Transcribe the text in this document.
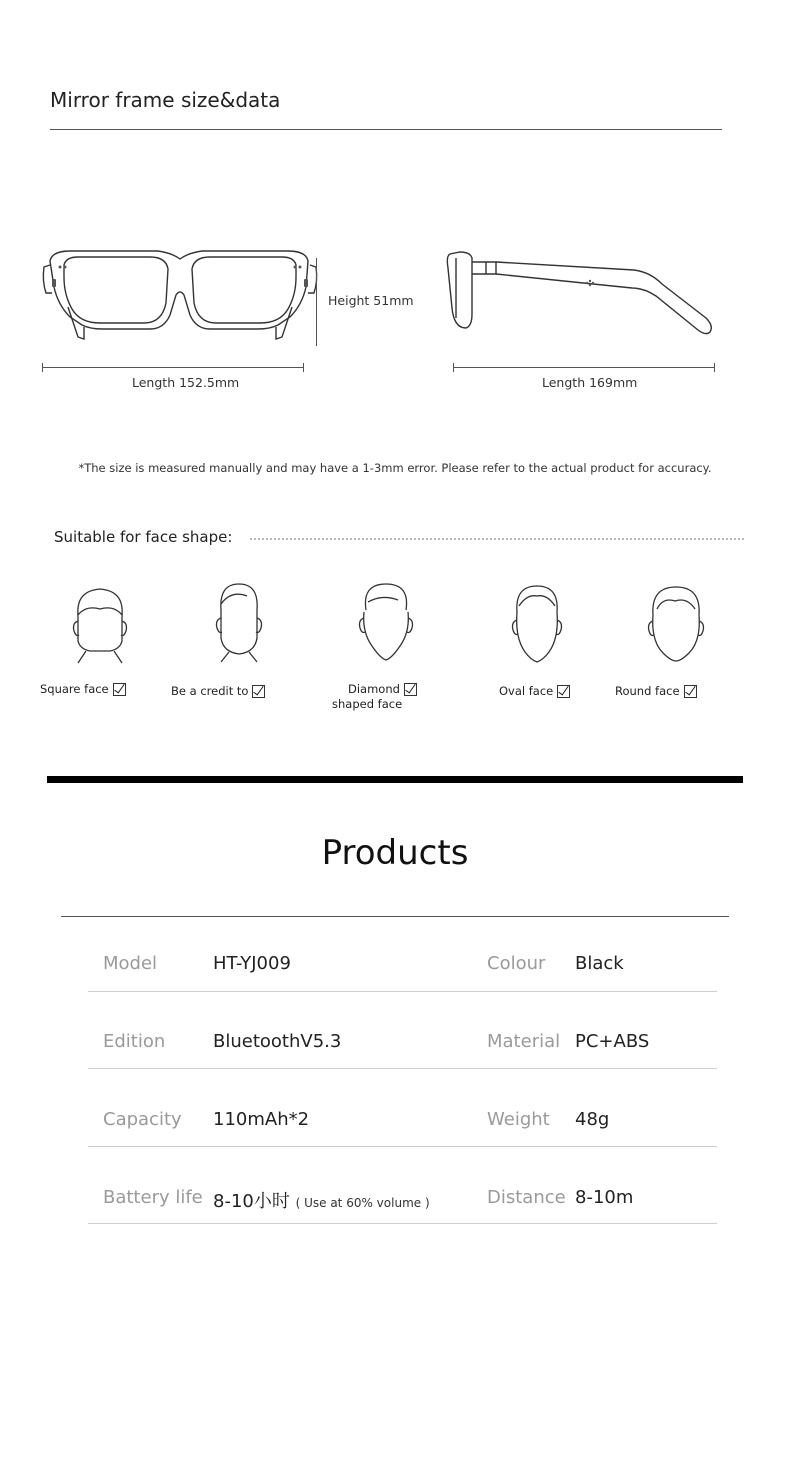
Mirror frame size&data
Height 51mm
Length 152.5mm	Length 169mm
*The size is measured manually and may have a 1-3mm error. Please refer to the actual product for accuracy.
Suitable for face shape:
Square face	Be a credit to	Diamond
shaped face
Oval face	Round face
Products
Model	HT-YJ009	Colour Black
Edition	BluetoothV5.3	Material PC+ABS
Capacity 110mAh*2	Weight 48g
Battery life 8-10小时 ( Use at 60% volume )	Distance 8-10m
